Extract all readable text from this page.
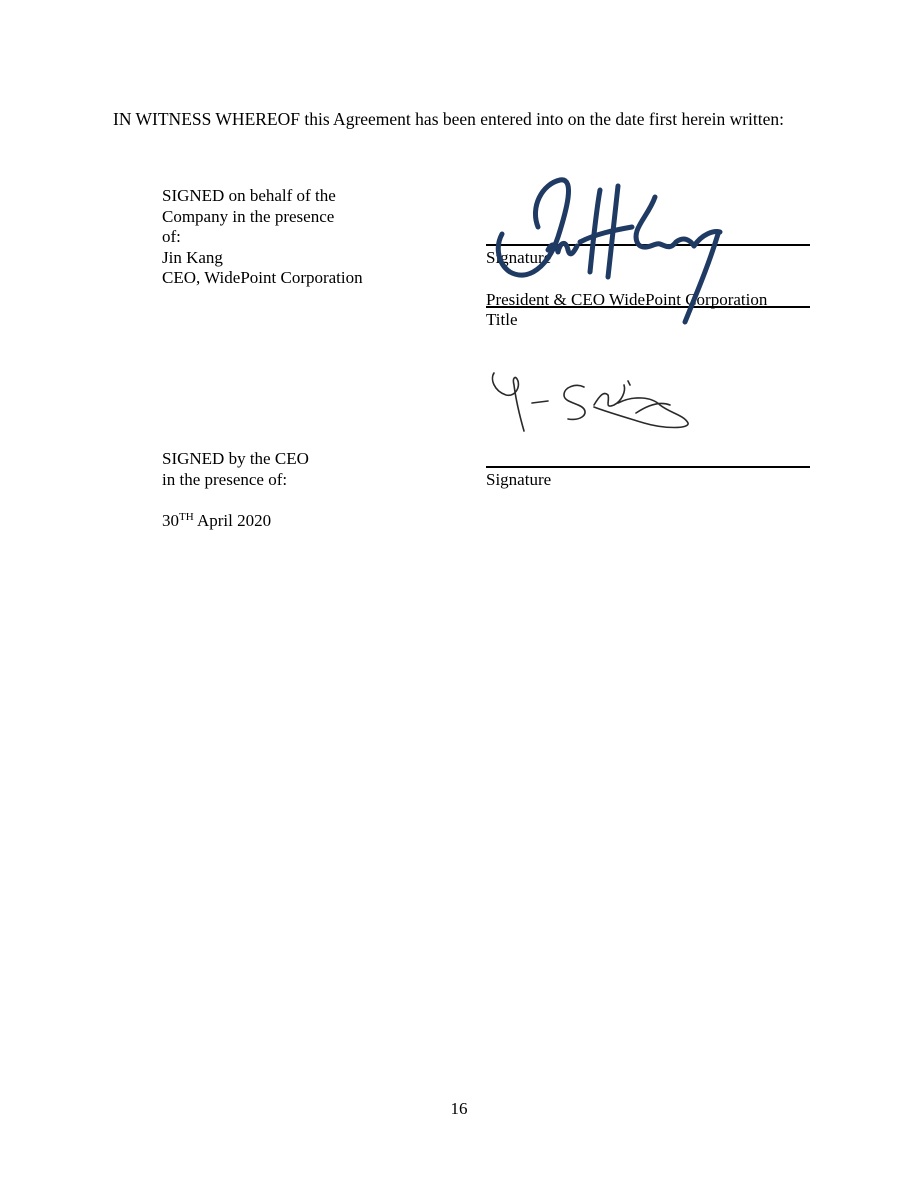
IN WITNESS WHEREOF this Agreement has been entered into on the date first herein written:
SIGNED on behalf of the
Company in the presence
of:
Jin Kang
CEO, WidePoint Corporation
Signature
President & CEO WidePoint Corporation
Title
SIGNED by the CEO
in the presence of:
30TH April 2020
Signature
16
